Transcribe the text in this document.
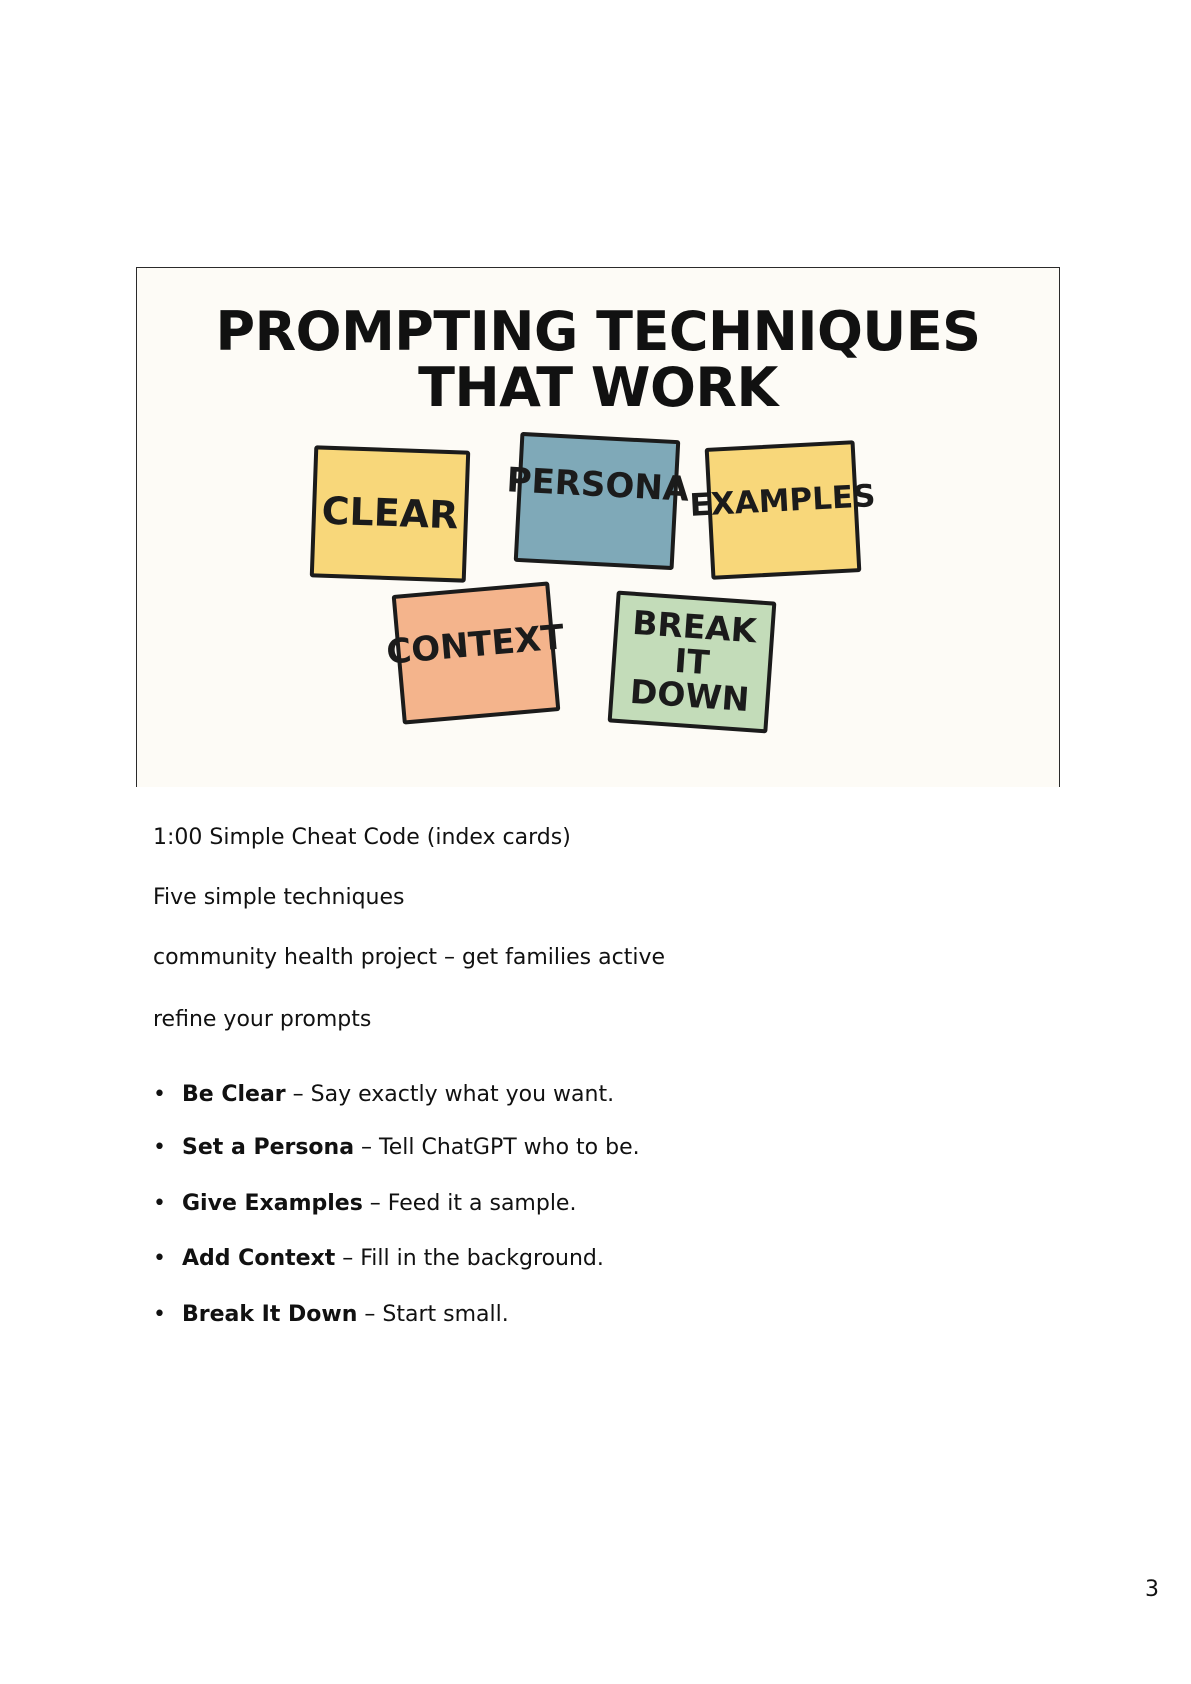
PROMPTING TECHNIQUES
THAT WORK
CLEAR
PERSONA
EXAMPLES
CONTEXT	BREAK IT
DOWN
1:00 Simple Cheat Code (index cards)
Five simple techniques
community health project – get families active
refine your prompts
• Be Clear – Say exactly what you want.
• Set a Persona – Tell ChatGPT who to be.
• Give Examples – Feed it a sample.
• Add Context – Fill in the background.
• Break It Down – Start small.
3
